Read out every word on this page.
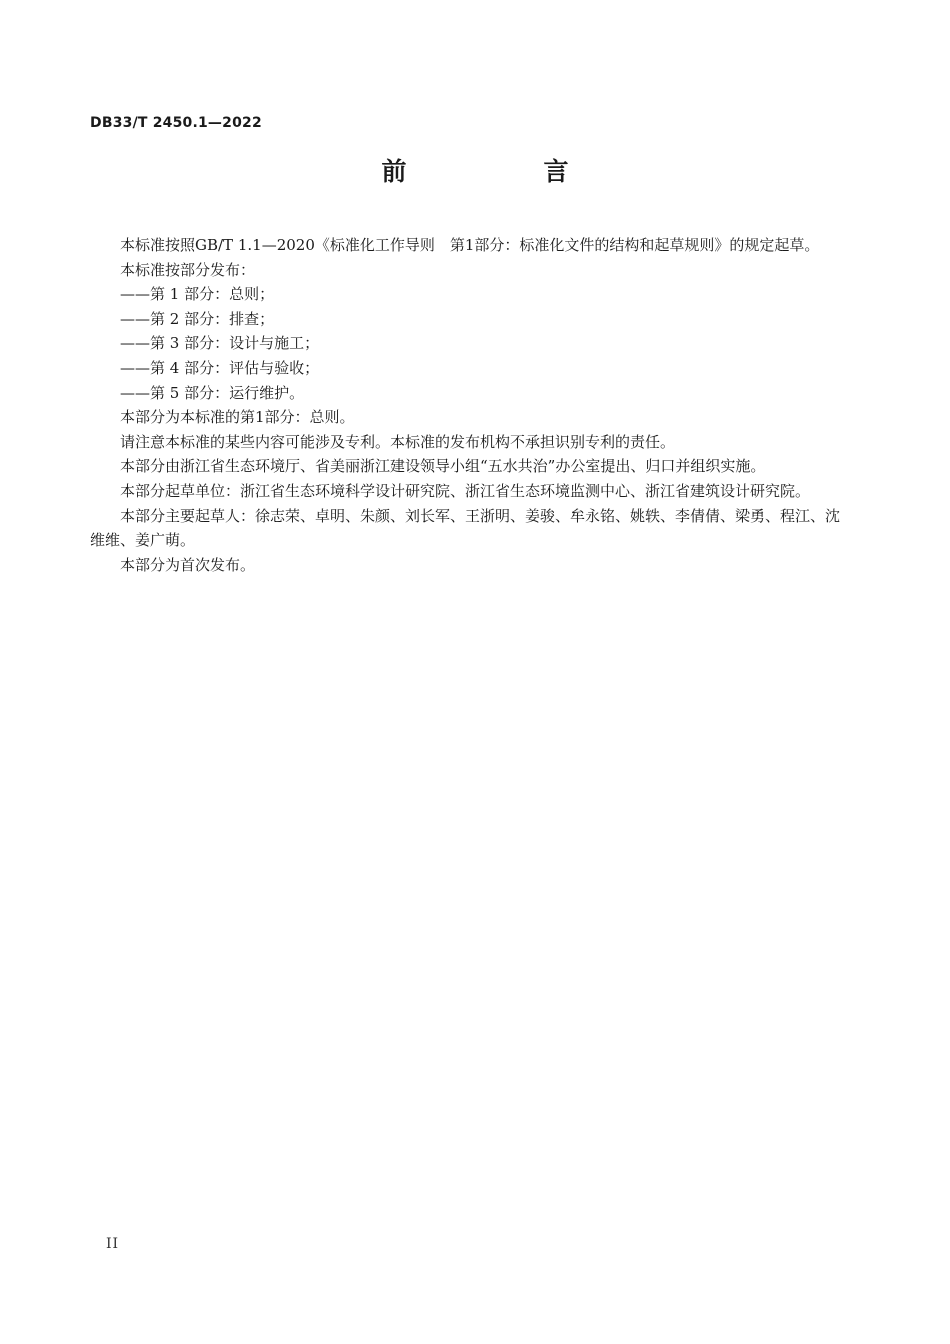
DB33/T 2450.1—2022
前　言

本标准按照GB/T 1.1—2020《标准化工作导则　第1部分：标准化文件的结构和起草规则》的规定起草。

本标准按部分发布：

——第 1 部分：总则；

——第 2 部分：排查；

——第 3 部分：设计与施工；

——第 4 部分：评估与验收；

——第 5 部分：运行维护。

本部分为本标准的第1部分：总则。

请注意本标准的某些内容可能涉及专利。本标准的发布机构不承担识别专利的责任。

本部分由浙江省生态环境厅、省美丽浙江建设领导小组“五水共治”办公室提出、归口并组织实施。

本部分起草单位：浙江省生态环境科学设计研究院、浙江省生态环境监测中心、浙江省建筑设计研究院。

本部分主要起草人：徐志荣、卓明、朱颜、刘长军、王浙明、姜骏、牟永铭、姚轶、李倩倩、梁勇、程江、沈维维、姜广萌。

本部分为首次发布。

II
